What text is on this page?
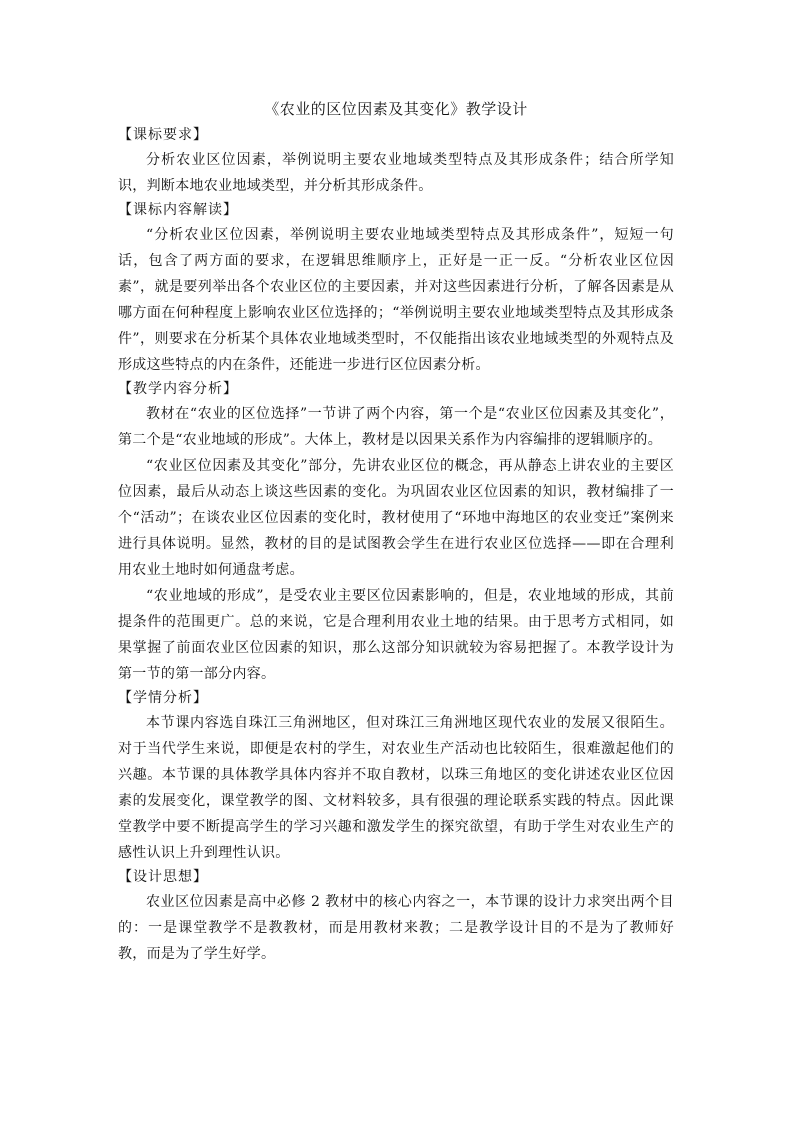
《农业的区位因素及其变化》教学设计
【课标要求】

分析农业区位因素，举例说明主要农业地域类型特点及其形成条件；结合所学知识，判断本地农业地域类型，并分析其形成条件。

【课标内容解读】

“分析农业区位因素，举例说明主要农业地域类型特点及其形成条件”，短短一句话，包含了两方面的要求，在逻辑思维顺序上，正好是一正一反。“分析农业区位因素”，就是要列举出各个农业区位的主要因素，并对这些因素进行分析，了解各因素是从哪方面在何种程度上影响农业区位选择的；“举例说明主要农业地域类型特点及其形成条件”，则要求在分析某个具体农业地域类型时，不仅能指出该农业地域类型的外观特点及形成这些特点的内在条件，还能进一步进行区位因素分析。

【教学内容分析】

教材在“农业的区位选择”一节讲了两个内容，第一个是“农业区位因素及其变化”，第二个是“农业地域的形成”。大体上，教材是以因果关系作为内容编排的逻辑顺序的。

“农业区位因素及其变化”部分，先讲农业区位的概念，再从静态上讲农业的主要区位因素，最后从动态上谈这些因素的变化。为巩固农业区位因素的知识，教材编排了一个“活动”；在谈农业区位因素的变化时，教材使用了“环地中海地区的农业变迁”案例来进行具体说明。显然，教材的目的是试图教会学生在进行农业区位选择——即在合理利用农业土地时如何通盘考虑。

“农业地域的形成”，是受农业主要区位因素影响的，但是，农业地域的形成，其前提条件的范围更广。总的来说，它是合理利用农业土地的结果。由于思考方式相同，如果掌握了前面农业区位因素的知识，那么这部分知识就较为容易把握了。本教学设计为第一节的第一部分内容。

【学情分析】

本节课内容选自珠江三角洲地区，但对珠江三角洲地区现代农业的发展又很陌生。对于当代学生来说，即便是农村的学生，对农业生产活动也比较陌生，很难激起他们的兴趣。本节课的具体教学具体内容并不取自教材，以珠三角地区的变化讲述农业区位因素的发展变化，课堂教学的图、文材料较多，具有很强的理论联系实践的特点。因此课堂教学中要不断提高学生的学习兴趣和激发学生的探究欲望，有助于学生对农业生产的感性认识上升到理性认识。

【设计思想】

农业区位因素是高中必修 2 教材中的核心内容之一，本节课的设计力求突出两个目的：一是课堂教学不是教教材，而是用教材来教；二是教学设计目的不是为了教师好教，而是为了学生好学。
